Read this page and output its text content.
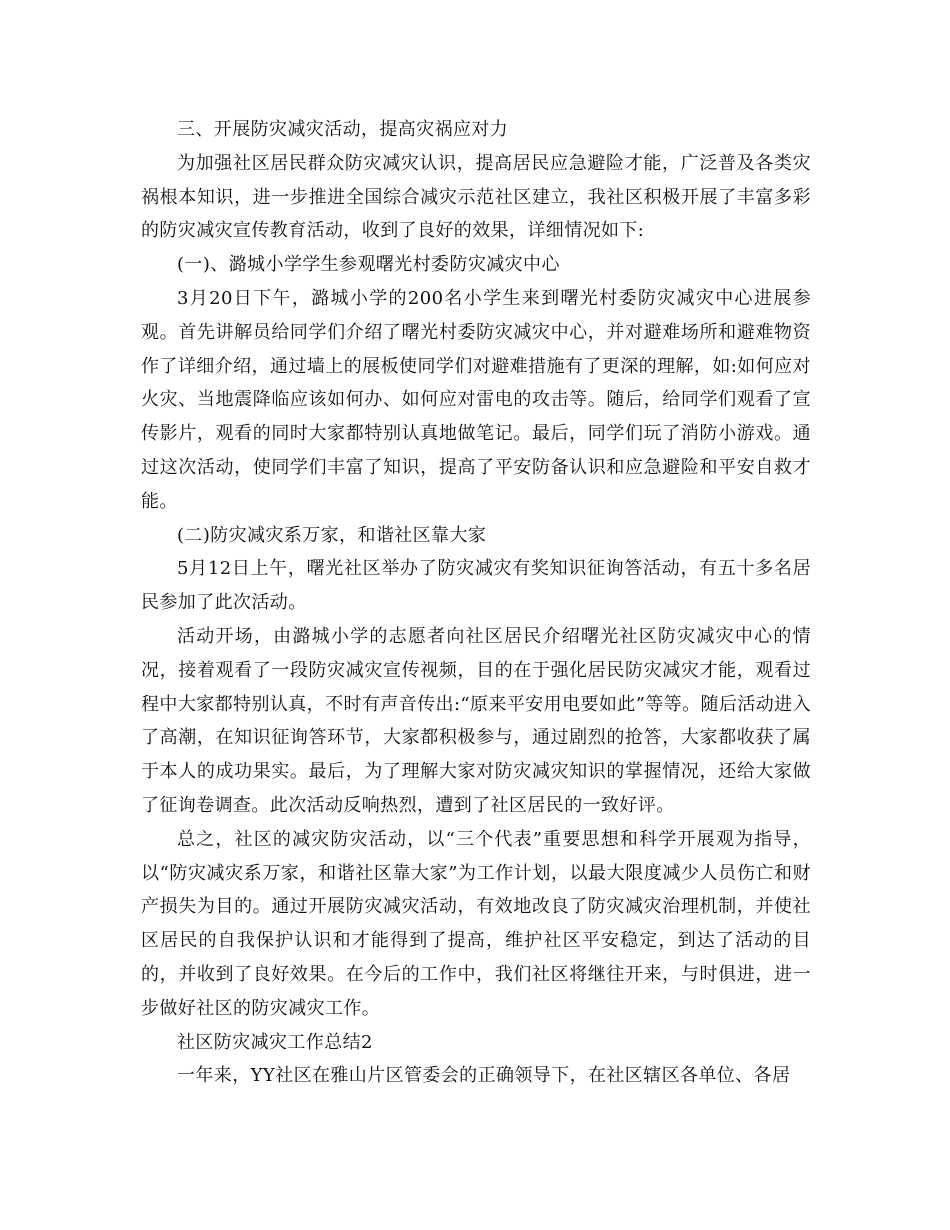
三、开展防灾减灾活动，提高灾祸应对力

为加强社区居民群众防灾减灾认识，提高居民应急避险才能，广泛普及各类灾祸根本知识，进一步推进全国综合减灾示范社区建立，我社区积极开展了丰富多彩的防灾减灾宣传教育活动，收到了良好的效果，详细情况如下:

(一)、潞城小学学生参观曙光村委防灾减灾中心

3月20日下午，潞城小学的200名小学生来到曙光村委防灾减灾中心进展参观。首先讲解员给同学们介绍了曙光村委防灾减灾中心，并对避难场所和避难物资作了详细介绍，通过墙上的展板使同学们对避难措施有了更深的理解，如:如何应对火灾、当地震降临应该如何办、如何应对雷电的攻击等。随后，给同学们观看了宣传影片，观看的同时大家都特别认真地做笔记。最后，同学们玩了消防小游戏。通过这次活动，使同学们丰富了知识，提高了平安防备认识和应急避险和平安自救才能。

(二)防灾减灾系万家，和谐社区靠大家

5月12日上午，曙光社区举办了防灾减灾有奖知识征询答活动，有五十多名居民参加了此次活动。

活动开场，由潞城小学的志愿者向社区居民介绍曙光社区防灾减灾中心的情况，接着观看了一段防灾减灾宣传视频，目的在于强化居民防灾减灾才能，观看过程中大家都特别认真，不时有声音传出:“原来平安用电要如此”等等。随后活动进入了高潮，在知识征询答环节，大家都积极参与，通过剧烈的抢答，大家都收获了属于本人的成功果实。最后，为了理解大家对防灾减灾知识的掌握情况，还给大家做了征询卷调查。此次活动反响热烈，遭到了社区居民的一致好评。

总之，社区的减灾防灾活动，以“三个代表”重要思想和科学开展观为指导，以“防灾减灾系万家，和谐社区靠大家”为工作计划，以最大限度减少人员伤亡和财产损失为目的。通过开展防灾减灾活动，有效地改良了防灾减灾治理机制，并使社区居民的自我保护认识和才能得到了提高，维护社区平安稳定，到达了活动的目的，并收到了良好效果。在今后的工作中，我们社区将继往开来，与时俱进，进一步做好社区的防灾减灾工作。

社区防灾减灾工作总结2

一年来，YY社区在雅山片区管委会的正确领导下，在社区辖区各单位、各居
